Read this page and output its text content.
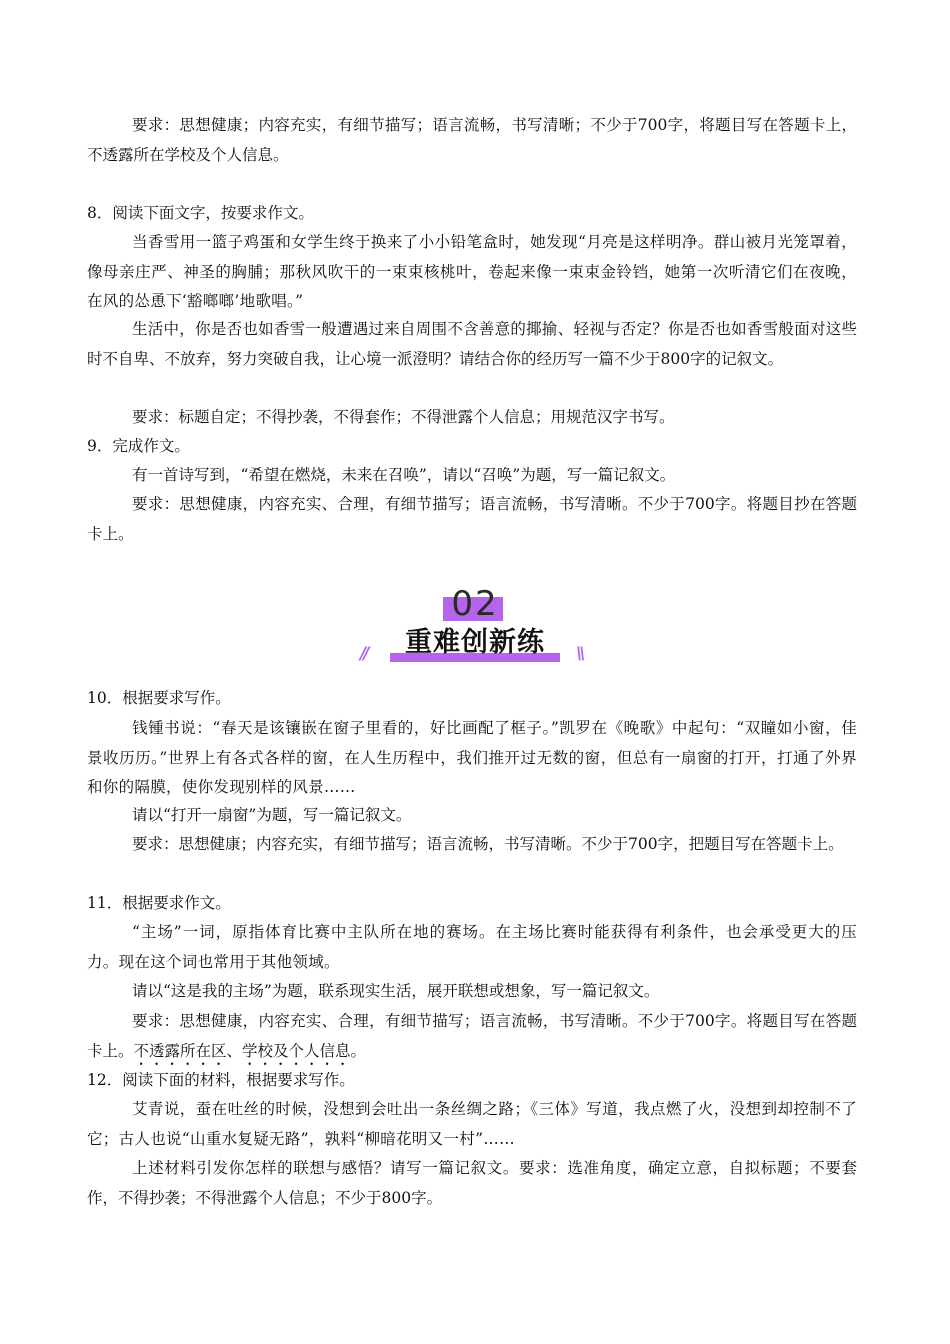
要求：思想健康；内容充实，有细节描写；语言流畅，书写清晰；不少于700字，将题目写在答题卡上，不透露所在学校及个人信息。

8．阅读下面文字，按要求作文。

当香雪用一篮子鸡蛋和女学生终于换来了小小铅笔盒时，她发现“月亮是这样明净。群山被月光笼罩着，像母亲庄严、神圣的胸脯；那秋风吹干的一束束核桃叶，卷起来像一束束金铃铛，她第一次听清它们在夜晚，在风的怂恿下‘豁啷啷’地歌唱。”

生活中，你是否也如香雪一般遭遇过来自周围不含善意的揶揄、轻视与否定？你是否也如香雪般面对这些时不自卑、不放弃，努力突破自我，让心境一派澄明？请结合你的经历写一篇不少于800字的记叙文。

要求：标题自定；不得抄袭，不得套作；不得泄露个人信息；用规范汉字书写。

9．完成作文。

有一首诗写到，“希望在燃烧，未来在召唤”，请以“召唤”为题，写一篇记叙文。

要求：思想健康，内容充实、合理，有细节描写；语言流畅，书写清晰。不少于700字。将题目抄在答题卡上。

02
//	重难创新练	\\

10．根据要求写作。

钱锺书说：“春天是该镶嵌在窗子里看的，好比画配了框子。”凯罗在《晚歌》中起句：“双瞳如小窗，佳景收历历。”世界上有各式各样的窗，在人生历程中，我们推开过无数的窗，但总有一扇窗的打开，打通了外界和你的隔膜，使你发现别样的风景……

请以“打开一扇窗”为题，写一篇记叙文。

要求：思想健康；内容充实，有细节描写；语言流畅，书写清晰。不少于700字，把题目写在答题卡上。

11．根据要求作文。

“主场”一词，原指体育比赛中主队所在地的赛场。在主场比赛时能获得有利条件，也会承受更大的压力。现在这个词也常用于其他领域。

请以“这是我的主场”为题，联系现实生活，展开联想或想象，写一篇记叙文。

要求：思想健康，内容充实、合理，有细节描写；语言流畅，书写清晰。不少于700字。将题目写在答题卡上。不透露所在区、学校及个人信息。

12．阅读下面的材料，根据要求写作。

艾青说，蚕在吐丝的时候，没想到会吐出一条丝绸之路；《三体》写道，我点燃了火，没想到却控制不了它；古人也说“山重水复疑无路”，孰料“柳暗花明又一村”……

上述材料引发你怎样的联想与感悟？请写一篇记叙文。要求：选准角度，确定立意，自拟标题；不要套作，不得抄袭；不得泄露个人信息；不少于800字。
